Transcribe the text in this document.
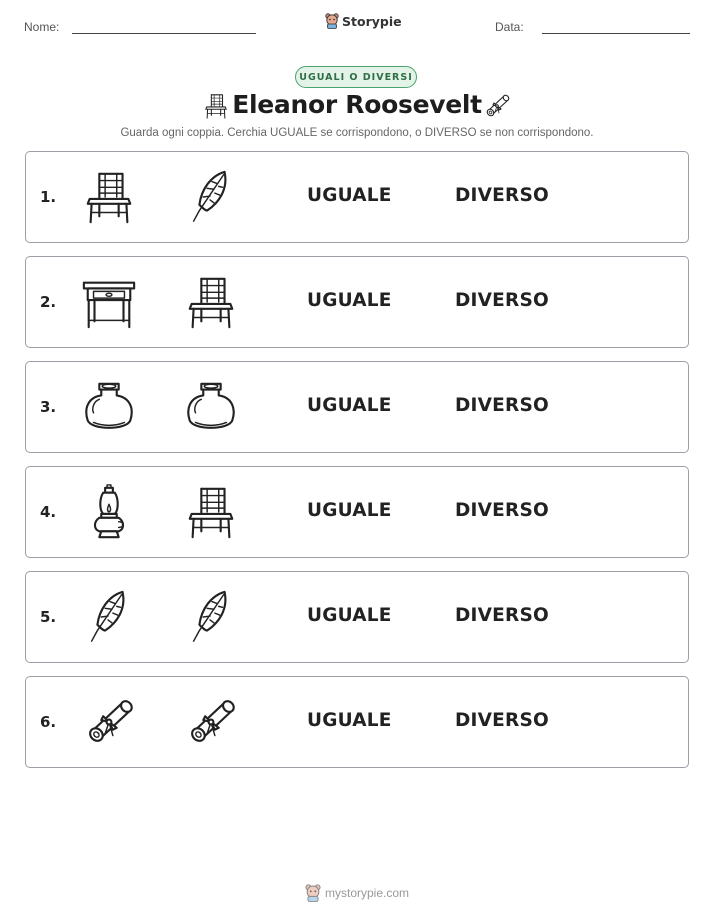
Nome:	Storypie	Data:
UGUALI O DIVERSI
Eleanor Roosevelt
Guarda ogni coppia. Cerchia UGUALE se corrispondono, o DIVERSO se non corrispondono.
1.	UGUALE	DIVERSO
2.	UGUALE	DIVERSO
3.	UGUALE	DIVERSO
4.	UGUALE	DIVERSO
5.	UGUALE	DIVERSO
6.	UGUALE	DIVERSO
mystorypie.com
